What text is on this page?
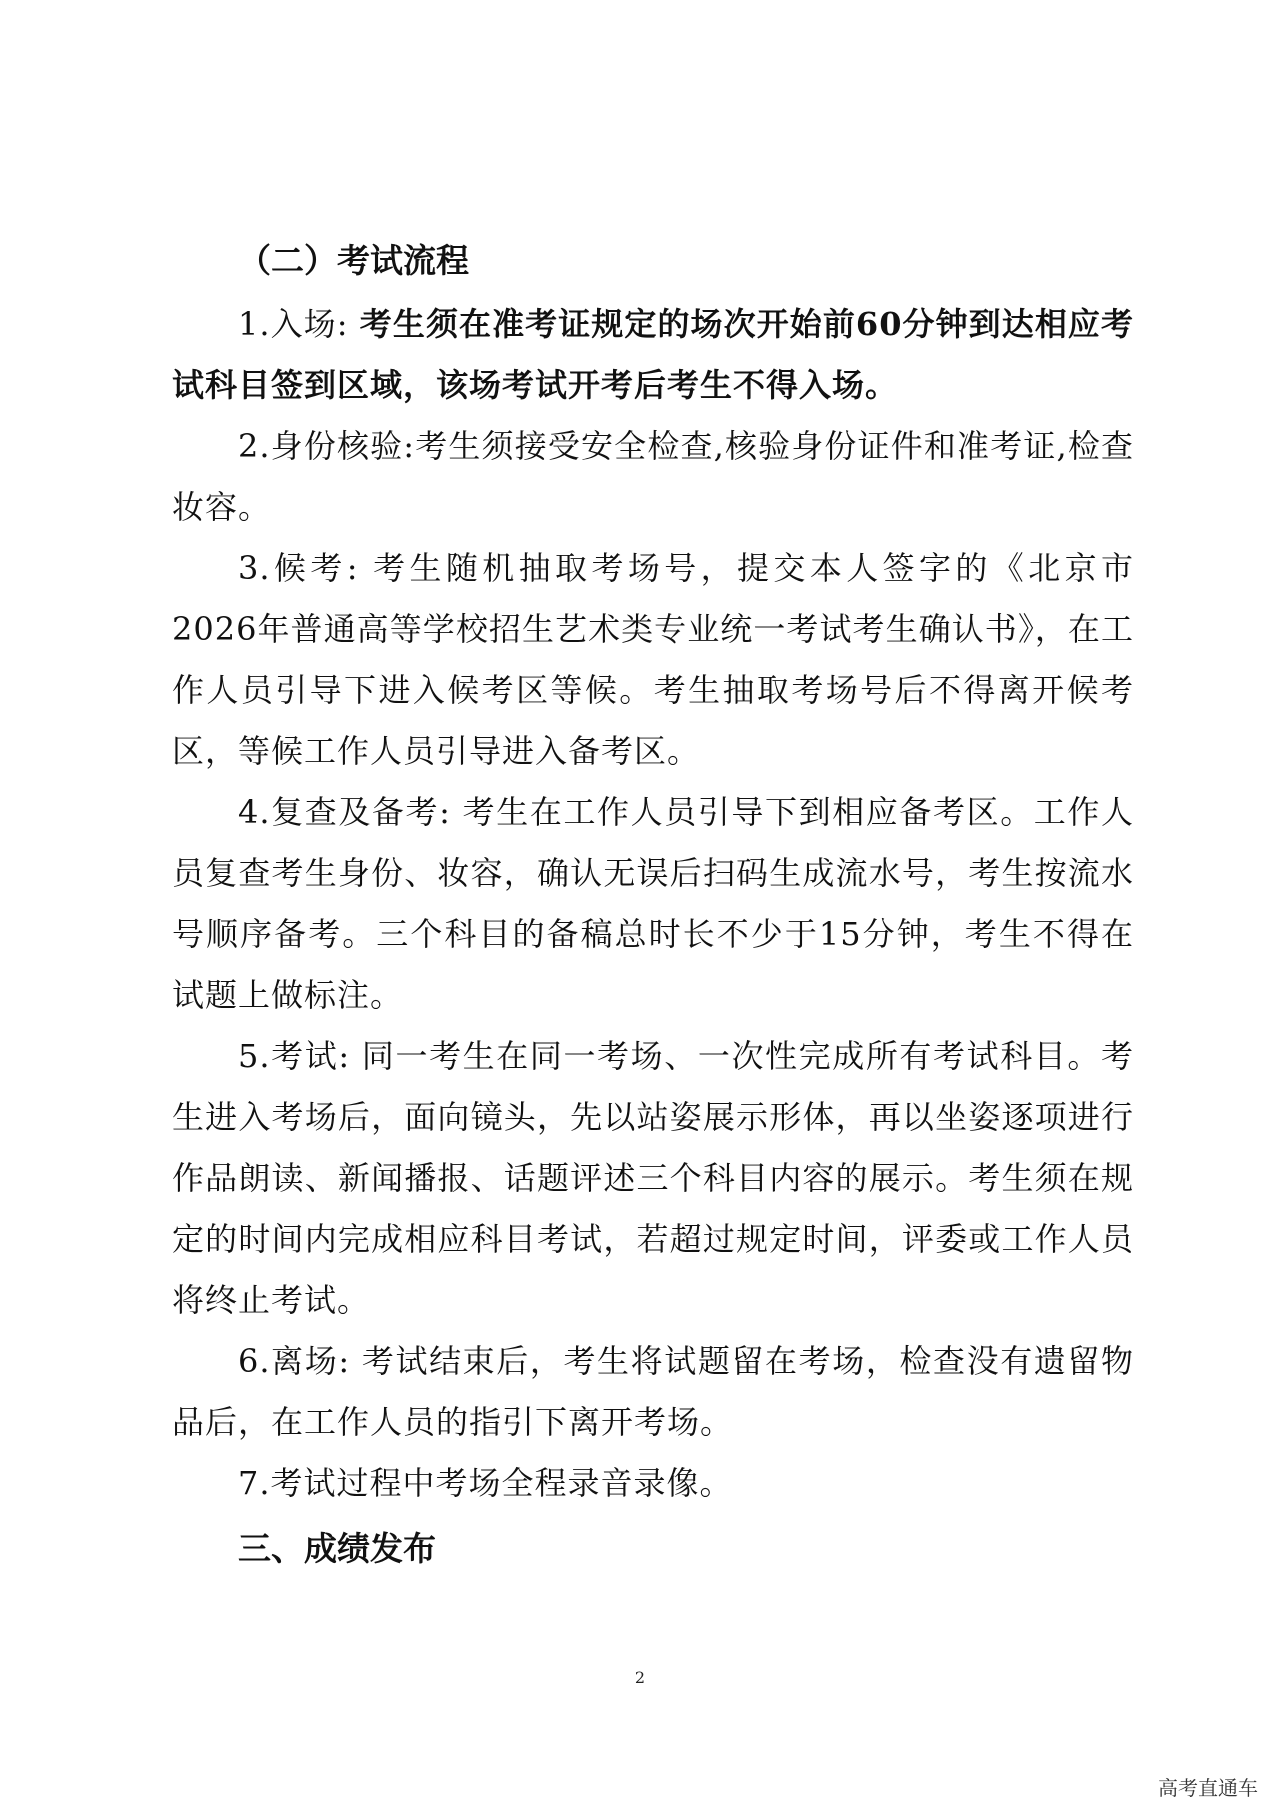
（二）考试流程

1.入场: 考生须在准考证规定的场次开始前60分钟到达相应考试科目签到区域，该场考试开考后考生不得入场。

2.身份核验:考生须接受安全检查,核验身份证件和准考证,检查妆容。

3.候考: 考生随机抽取考场号，提交本人签字的《北京市2026年普通高等学校招生艺术类专业统一考试考生确认书》，在工作人员引导下进入候考区等候。考生抽取考场号后不得离开候考区，等候工作人员引导进入备考区。

4.复查及备考: 考生在工作人员引导下到相应备考区。工作人员复查考生身份、妆容，确认无误后扫码生成流水号，考生按流水号顺序备考。三个科目的备稿总时长不少于15分钟，考生不得在试题上做标注。

5.考试: 同一考生在同一考场、一次性完成所有考试科目。考生进入考场后，面向镜头，先以站姿展示形体，再以坐姿逐项进行作品朗读、新闻播报、话题评述三个科目内容的展示。考生须在规定的时间内完成相应科目考试，若超过规定时间，评委或工作人员将终止考试。

6.离场: 考试结束后，考生将试题留在考场，检查没有遗留物品后，在工作人员的指引下离开考场。

7.考试过程中考场全程录音录像。

三、成绩发布
2
高考直通车
